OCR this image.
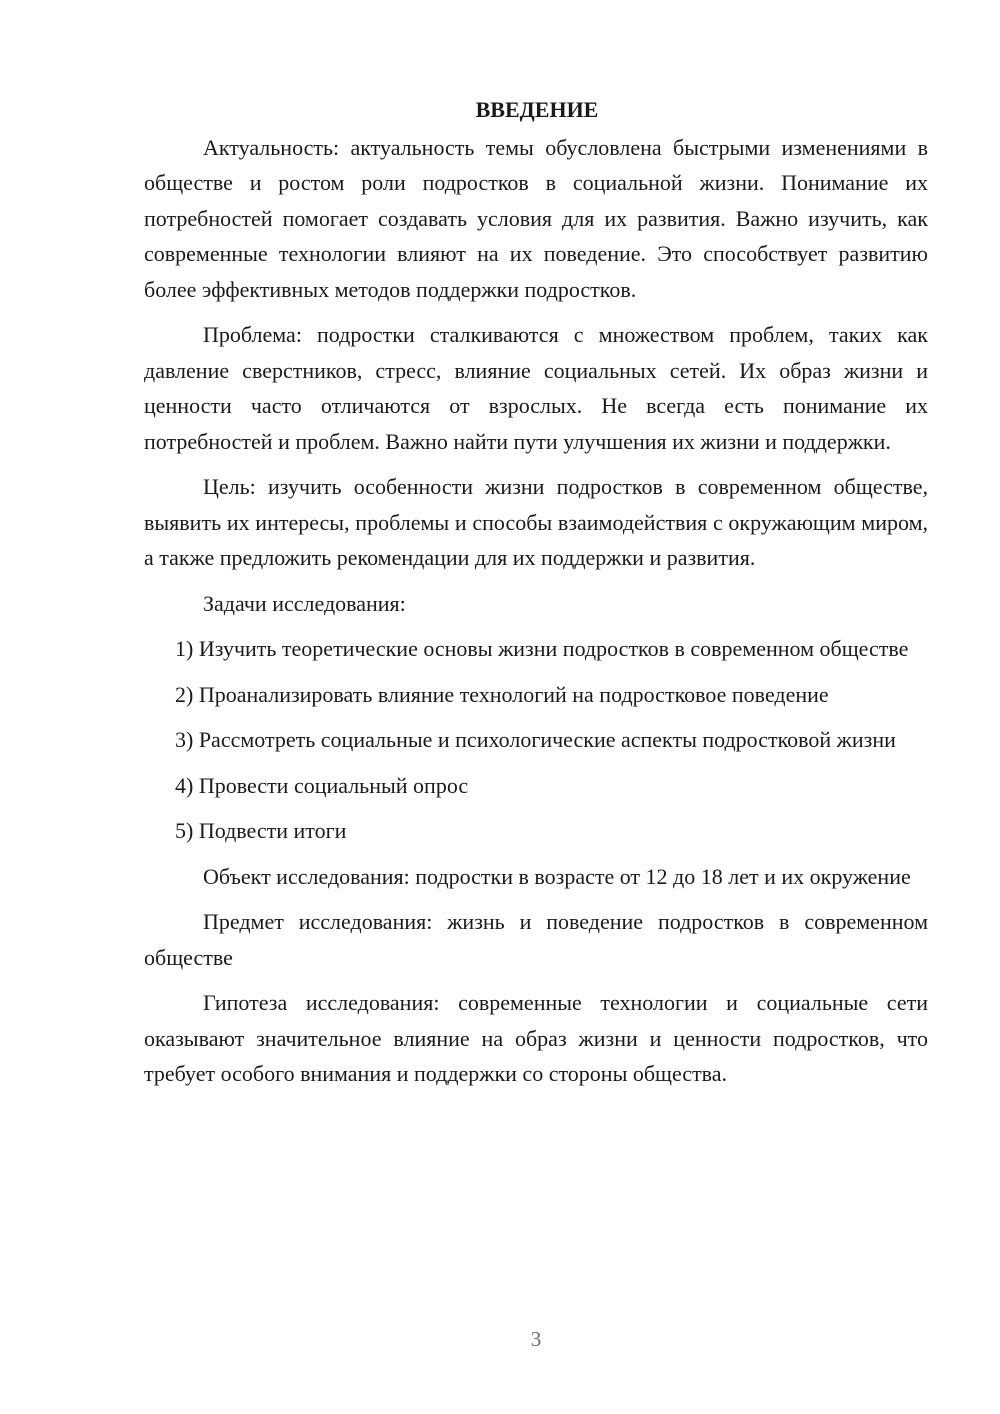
ВВЕДЕНИЕ

Актуальность: актуальность темы обусловлена быстрыми изменениями в обществе и ростом роли подростков в социальной жизни. Понимание их потребностей помогает создавать условия для их развития. Важно изучить, как современные технологии влияют на их поведение. Это способствует развитию более эффективных методов поддержки подростков.

Проблема: подростки сталкиваются с множеством проблем, таких как давление сверстников, стресс, влияние социальных сетей. Их образ жизни и ценности часто отличаются от взрослых. Не всегда есть понимание их потребностей и проблем. Важно найти пути улучшения их жизни и поддержки.

Цель: изучить особенности жизни подростков в современном обществе, выявить их интересы, проблемы и способы взаимодействия с окружающим миром, а также предложить рекомендации для их поддержки и развития.

Задачи исследования:

1) Изучить теоретические основы жизни подростков в современном обществе

2) Проанализировать влияние технологий на подростковое поведение

3) Рассмотреть социальные и психологические аспекты подростковой жизни

4) Провести социальный опрос

5) Подвести итоги

Объект исследования: подростки в возрасте от 12 до 18 лет и их окружение

Предмет исследования: жизнь и поведение подростков в современном обществе

Гипотеза исследования: современные технологии и социальные сети оказывают значительное влияние на образ жизни и ценности подростков, что требует особого внимания и поддержки со стороны общества.

3
